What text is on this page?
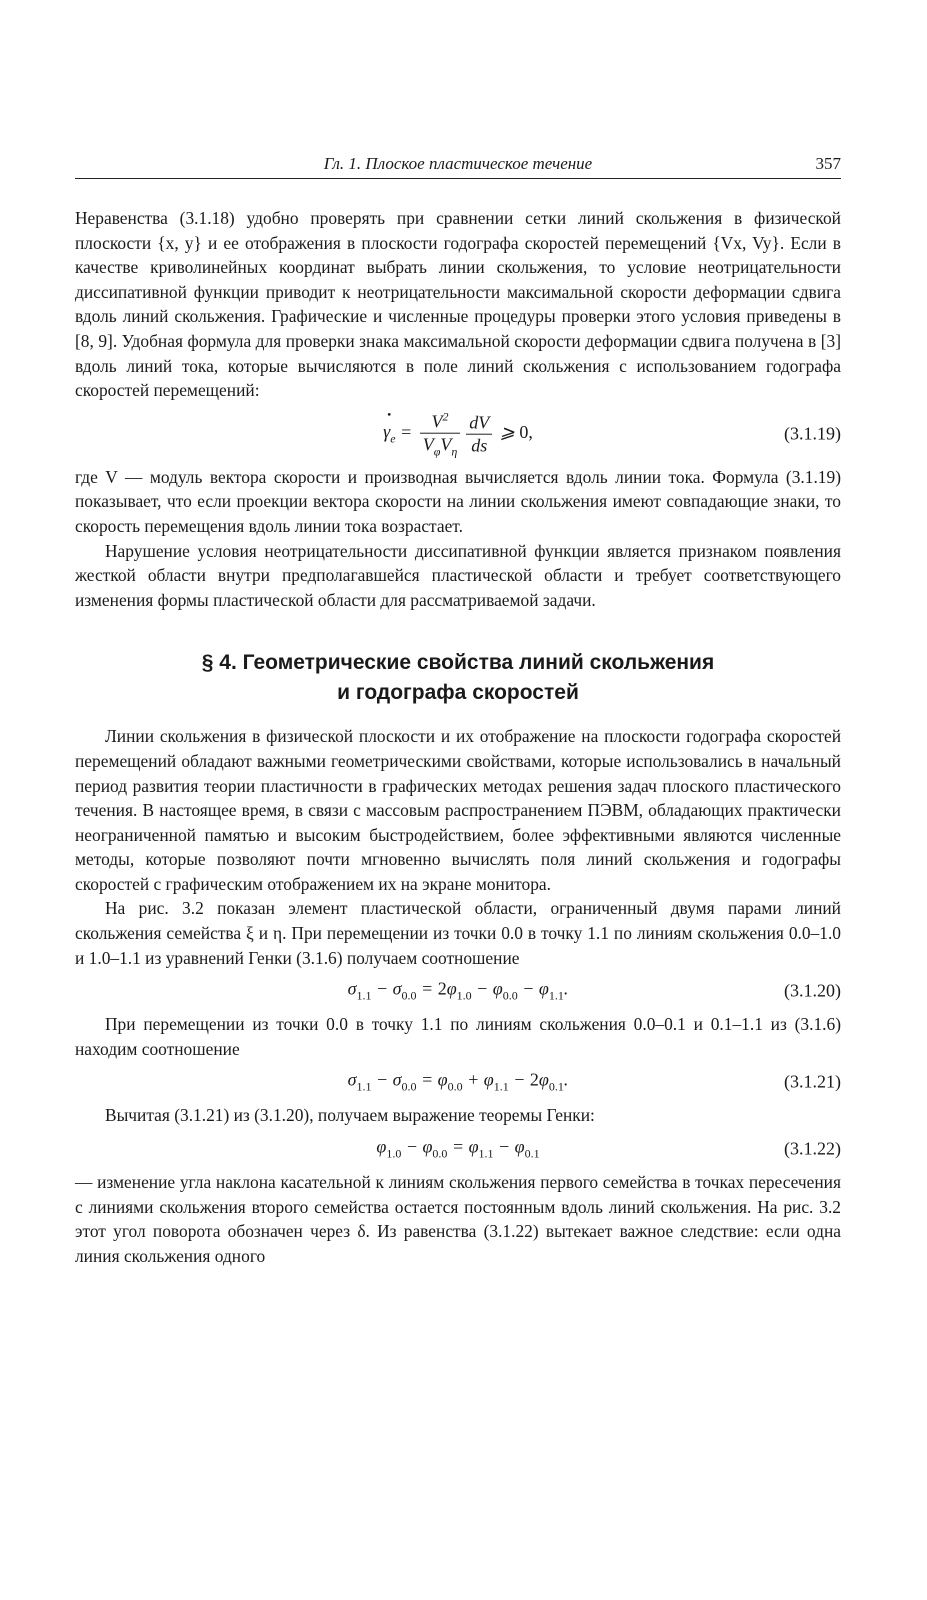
Гл. 1. Плоское пластическое течение	357

Неравенства (3.1.18) удобно проверять при сравнении сетки линий скольжения в физической плоскости {x, y} и ее отображения в плоскости годографа скоростей перемещений {Vx, Vy}. Если в качестве криволинейных координат выбрать линии скольжения, то условие неотрицательности диссипативной функции приводит к неотрицательности максимальной скорости деформации сдвига вдоль линий скольжения. Графические и численные процедуры проверки этого условия приведены в [8, 9]. Удобная формула для проверки знака максимальной скорости деформации сдвига получена в [3] вдоль линий тока, которые вычисляются в поле линий скольжения с использованием годографа скоростей перемещений:

• $\gamma_e = \frac{V^2}{V_\varphi V_\eta} \frac{dV}{ds}$ ⩾ 0,	(3.1.19)

где V — модуль вектора скорости и производная вычисляется вдоль линии тока. Формула (3.1.19) показывает, что если проекции вектора скорости на линии скольжения имеют совпадающие знаки, то скорость перемещения вдоль линии тока возрастает.

Нарушение условия неотрицательности диссипативной функции является признаком появления жесткой области внутри предполагавшейся пластической области и требует соответствующего изменения формы пластической области для рассматриваемой задачи.

§ 4. Геометрические свойства линий скольжения
и годографа скоростей

Линии скольжения в физической плоскости и их отображение на плоскости годографа скоростей перемещений обладают важными геометрическими свойствами, которые использовались в начальный период развития теории пластичности в графических методах решения задач плоского пластического течения. В настоящее время, в связи с массовым распространением ПЭВМ, обладающих практически неограниченной памятью и высоким быстродействием, более эффективными являются численные методы, которые позволяют почти мгновенно вычислять поля линий скольжения и годографы скоростей с графическим отображением их на экране монитора.

На рис. 3.2 показан элемент пластической области, ограниченный двумя парами линий скольжения семейства ξ и η. При перемещении из точки 0.0 в точку 1.1 по линиям скольжения 0.0–1.0 и 1.0–1.1 из уравнений Генки (3.1.6) получаем соотношение

$\sigma_{1.1} - \sigma_{0.0} = 2\varphi_{1.0} - \varphi_{0.0} - \varphi_{1.1}$.	(3.1.20)

При перемещении из точки 0.0 в точку 1.1 по линиям скольжения 0.0–0.1 и 0.1–1.1 из (3.1.6) находим соотношение

$\sigma_{1.1} - \sigma_{0.0} = \varphi_{0.0} + \varphi_{1.1} - 2\varphi_{0.1}$.	(3.1.21)

Вычитая (3.1.21) из (3.1.20), получаем выражение теоремы Генки:

$\varphi_{1.0} - \varphi_{0.0} = \varphi_{1.1} - \varphi_{0.1}$	(3.1.22)

— изменение угла наклона касательной к линиям скольжения первого семейства в точках пересечения с линиями скольжения второго семейства остается постоянным вдоль линий скольжения. На рис. 3.2 этот угол поворота обозначен через δ. Из равенства (3.1.22) вытекает важное следствие: если одна линия скольжения одного
